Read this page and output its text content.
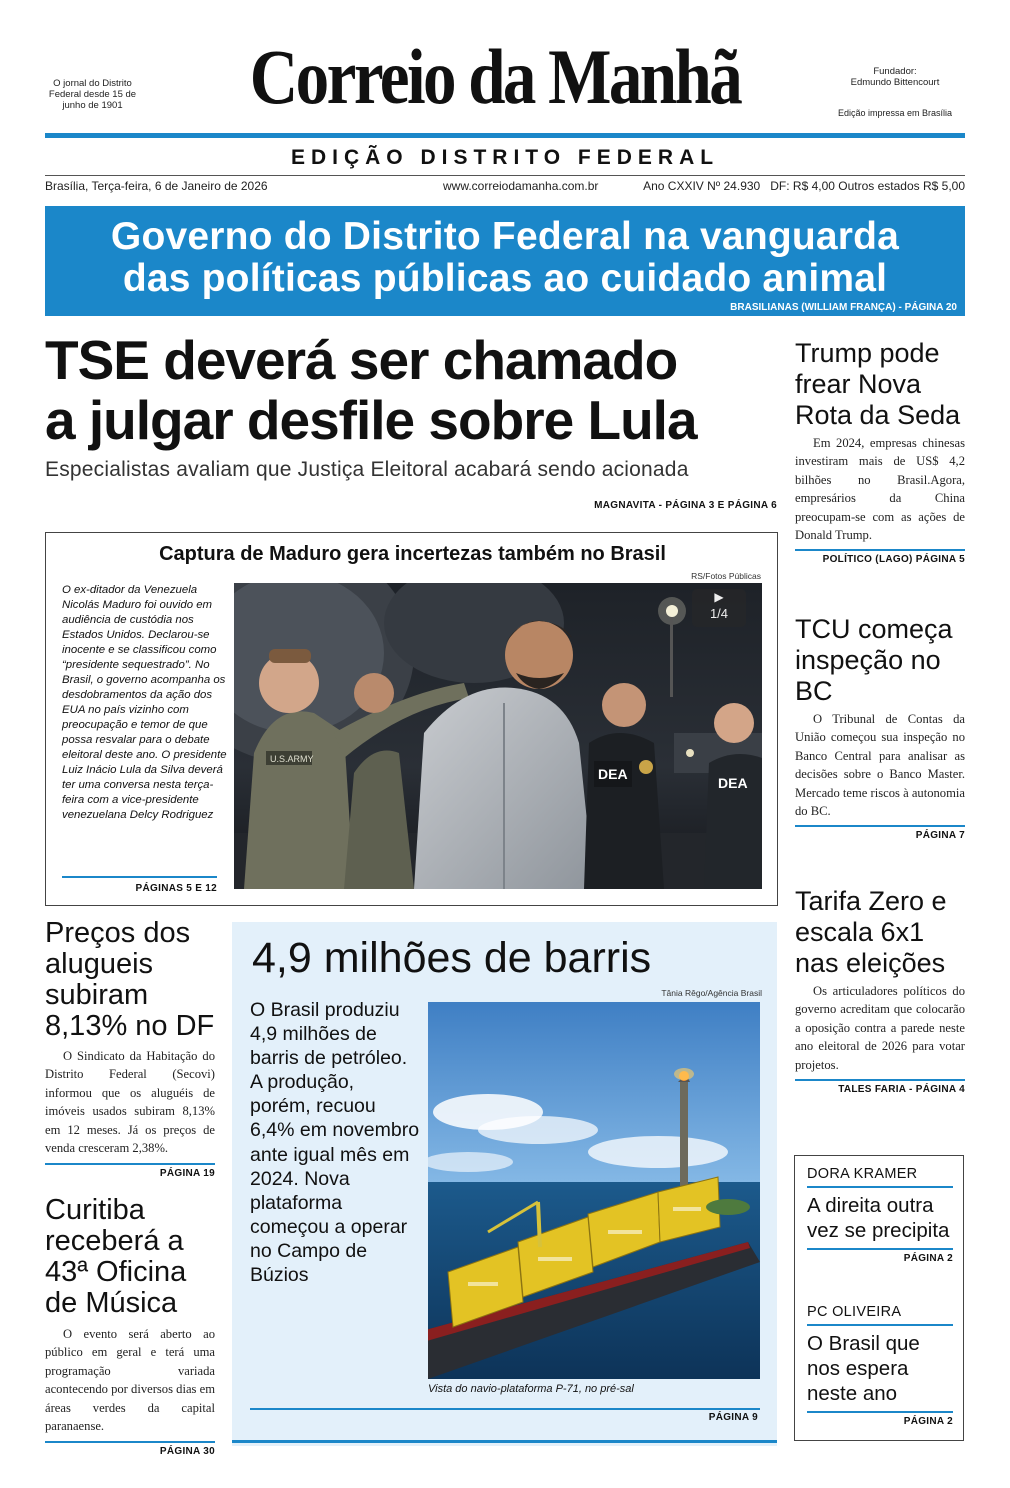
O jornal do Distrito Federal desde 15 de junho de 1901	Correio da Manhã	Fundador:
Edmundo Bittencourt
Edição impressa em Brasília
EDIÇÃO DISTRITO FEDERAL
Brasília, Terça-feira, 6 de Janeiro de 2026	www.correiodamanha.com.br	Ano CXXIV Nº 24.930 DF: R$ 4,00 Outros estados R$ 5,00
Governo do Distrito Federal na vanguarda
das políticas públicas ao cuidado animal
BRASILIANAS (WILLIAM FRANÇA) - PÁGINA 20
TSE deverá ser chamado
a julgar desfile sobre Lula
Especialistas avaliam que Justiça Eleitoral acabará sendo acionada
MAGNAVITA - PÁGINA 3 E PÁGINA 6
Captura de Maduro gera incertezas também no Brasil
RS/Fotos Públicas
O ex-ditador da Venezuela Nicolás Maduro foi ouvido em audiência de custódia nos Estados Unidos. Declarou-se inocente e se classificou como “presidente sequestrado”. No Brasil, o governo acompanha os desdobramentos da ação dos EUA no país vizinho com preocupação e temor de que possa resvalar para o debate eleitoral deste ano. O presidente Luiz Inácio Lula da Silva deverá ter uma conversa nesta terça-feira com a vice-presidente venezuelana Delcy Rodriguez
PÁGINAS 5 E 12
U.S.ARMY
DEA
DEA
▶
1/4
Trump pode frear Nova Rota da Seda
Em 2024, empresas chinesas investiram mais de US$ 4,2 bilhões no Brasil.Agora, empresários da China preocupam-se com as ações de Donald Trump.
POLÍTICO (LAGO) PÁGINA 5
TCU começa inspeção no BC
O Tribunal de Contas da União começou sua inspeção no Banco Central para analisar as decisões sobre o Banco Master. Mercado teme riscos à autonomia do BC.
PÁGINA 7
Tarifa Zero e escala 6x1 nas eleições
Os articuladores políticos do governo acreditam que colocarão a oposição contra a parede neste ano eleitoral de 2026 para votar projetos.
TALES FARIA - PÁGINA 4
DORA KRAMER
A direita outra vez se precipita
PÁGINA 2
PC OLIVEIRA
O Brasil que nos espera neste ano
PÁGINA 2
Preços dos alugueis subiram 8,13% no DF
O Sindicato da Habitação do Distrito Federal (Secovi) informou que os aluguéis de imóveis usados subiram 8,13% em 12 meses. Já os preços de venda cresceram 2,38%.
PÁGINA 19
Curitiba receberá a 43ª Oficina de Música
O evento será aberto ao público em geral e terá uma programação variada acontecendo por diversos dias em áreas verdes da capital paranaense.
PÁGINA 30
4,9 milhões de barris
Tânia Rêgo/Agência Brasil
O Brasil produziu 4,9 milhões de barris de petróleo. A produção, porém, recuou 6,4% em novembro ante igual mês em 2024. Nova plataforma começou a operar no Campo de Búzios
Vista do navio-plataforma P-71, no pré-sal
PÁGINA 9
